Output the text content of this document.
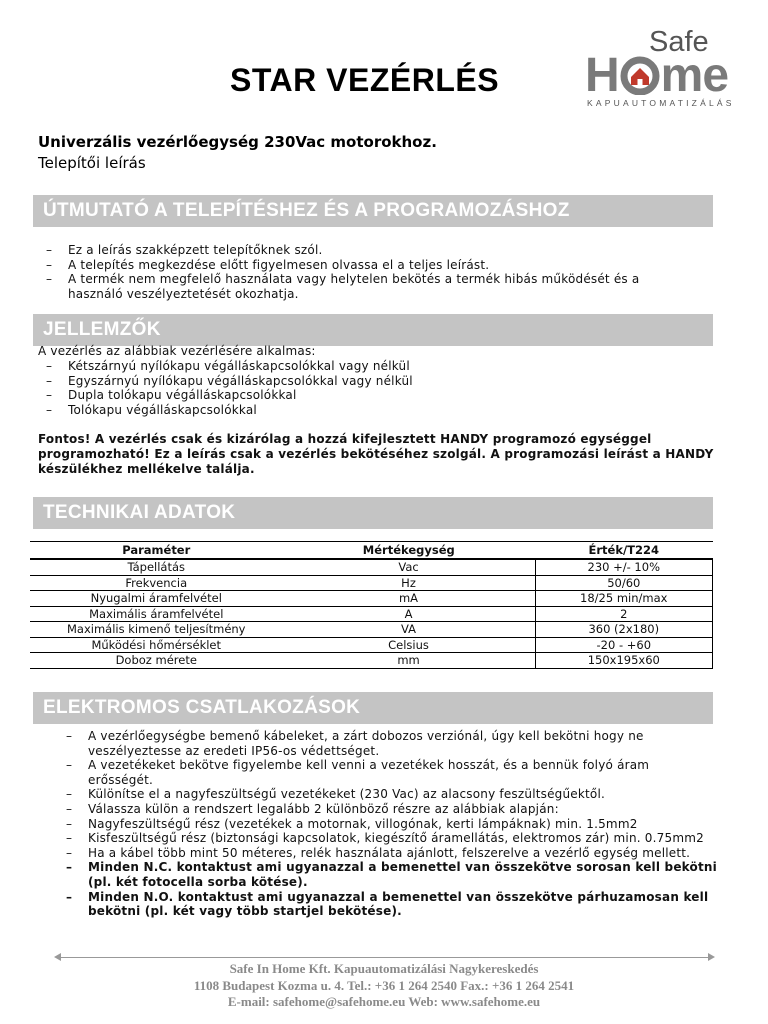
STAR VEZÉRLÉS
Safe
H me
KAPUAUTOMATIZÁLÁS
Univerzális vezérlőegység 230Vac motorokhoz.
Telepítői leírás
ÚTMUTATÓ A TELEPÍTÉSHEZ ÉS A PROGRAMOZÁSHOZ
– Ez a leírás szakképzett telepítőknek szól.
– A telepítés megkezdése előtt figyelmesen olvassa el a teljes leírást.
– A termék nem megfelelő használata vagy helytelen bekötés a termék hibás működését és a használó veszélyeztetését okozhatja.
JELLEMZŐK
A vezérlés az alábbiak vezérlésére alkalmas:
– Kétszárnyú nyílókapu végálláskapcsolókkal vagy nélkül
– Egyszárnyú nyílókapu végálláskapcsolókkal vagy nélkül
– Dupla tolókapu végálláskapcsolókkal
– Tolókapu végálláskapcsolókkal
Fontos! A vezérlés csak és kizárólag a hozzá kifejlesztett HANDY programozó egységgel programozható! Ez a leírás csak a vezérlés bekötéséhez szolgál. A programozási leírást a HANDY készülékhez mellékelve találja.
TECHNIKAI ADATOK
Paraméter	Mértékegység	Érték/T224
Tápellátás	Vac	230 +/- 10%
Frekvencia	Hz	50/60
Nyugalmi áramfelvétel	mA	18/25 min/max
Maximális áramfelvétel	A	2
Maximális kimenő teljesítmény	VA	360 (2x180)
Működési hőmérséklet	Celsius	-20 - +60
Doboz mérete	mm	150x195x60
ELEKTROMOS CSATLAKOZÁSOK
– A vezérlőegységbe bemenő kábeleket, a zárt dobozos verziónál, úgy kell bekötni hogy ne veszélyeztesse az eredeti IP56-os védettséget.
– A vezetékeket bekötve figyelembe kell venni a vezetékek hosszát, és a bennük folyó áram erősségét.
– Különítse el a nagyfeszültségű vezetékeket (230 Vac) az alacsony feszültségűektől.
– Válassza külön a rendszert legalább 2 különböző részre az alábbiak alapján:
– Nagyfeszültségű rész (vezetékek a motornak, villogónak, kerti lámpáknak) min. 1.5mm2
– Kisfeszültségű rész (biztonsági kapcsolatok, kiegészítő áramellátás, elektromos zár) min. 0.75mm2
– Ha a kábel több mint 50 méteres, relék használata ajánlott, felszerelve a vezérlő egység mellett.
– Minden N.C. kontaktust ami ugyanazzal a bemenettel van összekötve sorosan kell bekötni (pl. két fotocella sorba kötése).
– Minden N.O. kontaktust ami ugyanazzal a bemenettel van összekötve párhuzamosan kell bekötni (pl. két vagy több startjel bekötése).
Safe In Home Kft. Kapuautomatizálási Nagykereskedés
1108 Budapest Kozma u. 4. Tel.: +36 1 264 2540 Fax.: +36 1 264 2541
E-mail: safehome@safehome.eu Web: www.safehome.eu
